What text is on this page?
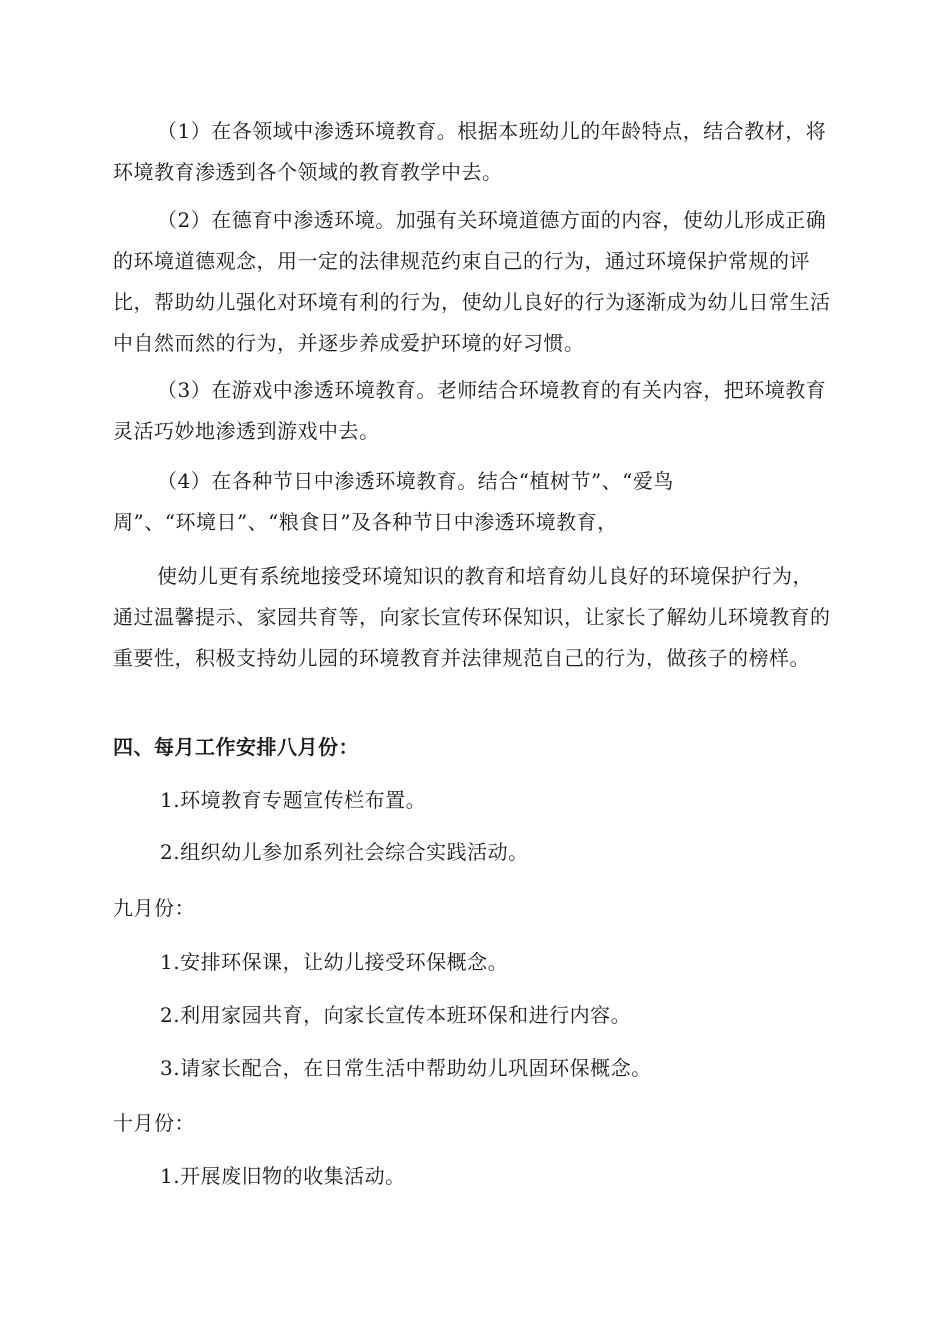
（1）在各领域中渗透环境教育。根据本班幼儿的年龄特点，结合教材，将环境教育渗透到各个领域的教育教学中去。

（2）在德育中渗透环境。加强有关环境道德方面的内容，使幼儿形成正确的环境道德观念，用一定的法律规范约束自己的行为，通过环境保护常规的评比，帮助幼儿强化对环境有利的行为，使幼儿良好的行为逐渐成为幼儿日常生活中自然而然的行为，并逐步养成爱护环境的好习惯。

（3）在游戏中渗透环境教育。老师结合环境教育的有关内容，把环境教育灵活巧妙地渗透到游戏中去。

（4）在各种节日中渗透环境教育。结合“植树节”、“爱鸟
周”、“环境日”、“粮食日”及各种节日中渗透环境教育，

使幼儿更有系统地接受环境知识的教育和培育幼儿良好的环境保护行为，通过温馨提示、家园共育等，向家长宣传环保知识，让家长了解幼儿环境教育的重要性，积极支持幼儿园的环境教育并法律规范自己的行为，做孩子的榜样。

四、每月工作安排八月份：

1.环境教育专题宣传栏布置。

2.组织幼儿参加系列社会综合实践活动。

九月份：

1.安排环保课，让幼儿接受环保概念。

2.利用家园共育，向家长宣传本班环保和进行内容。

3.请家长配合，在日常生活中帮助幼儿巩固环保概念。

十月份：

1.开展废旧物的收集活动。
